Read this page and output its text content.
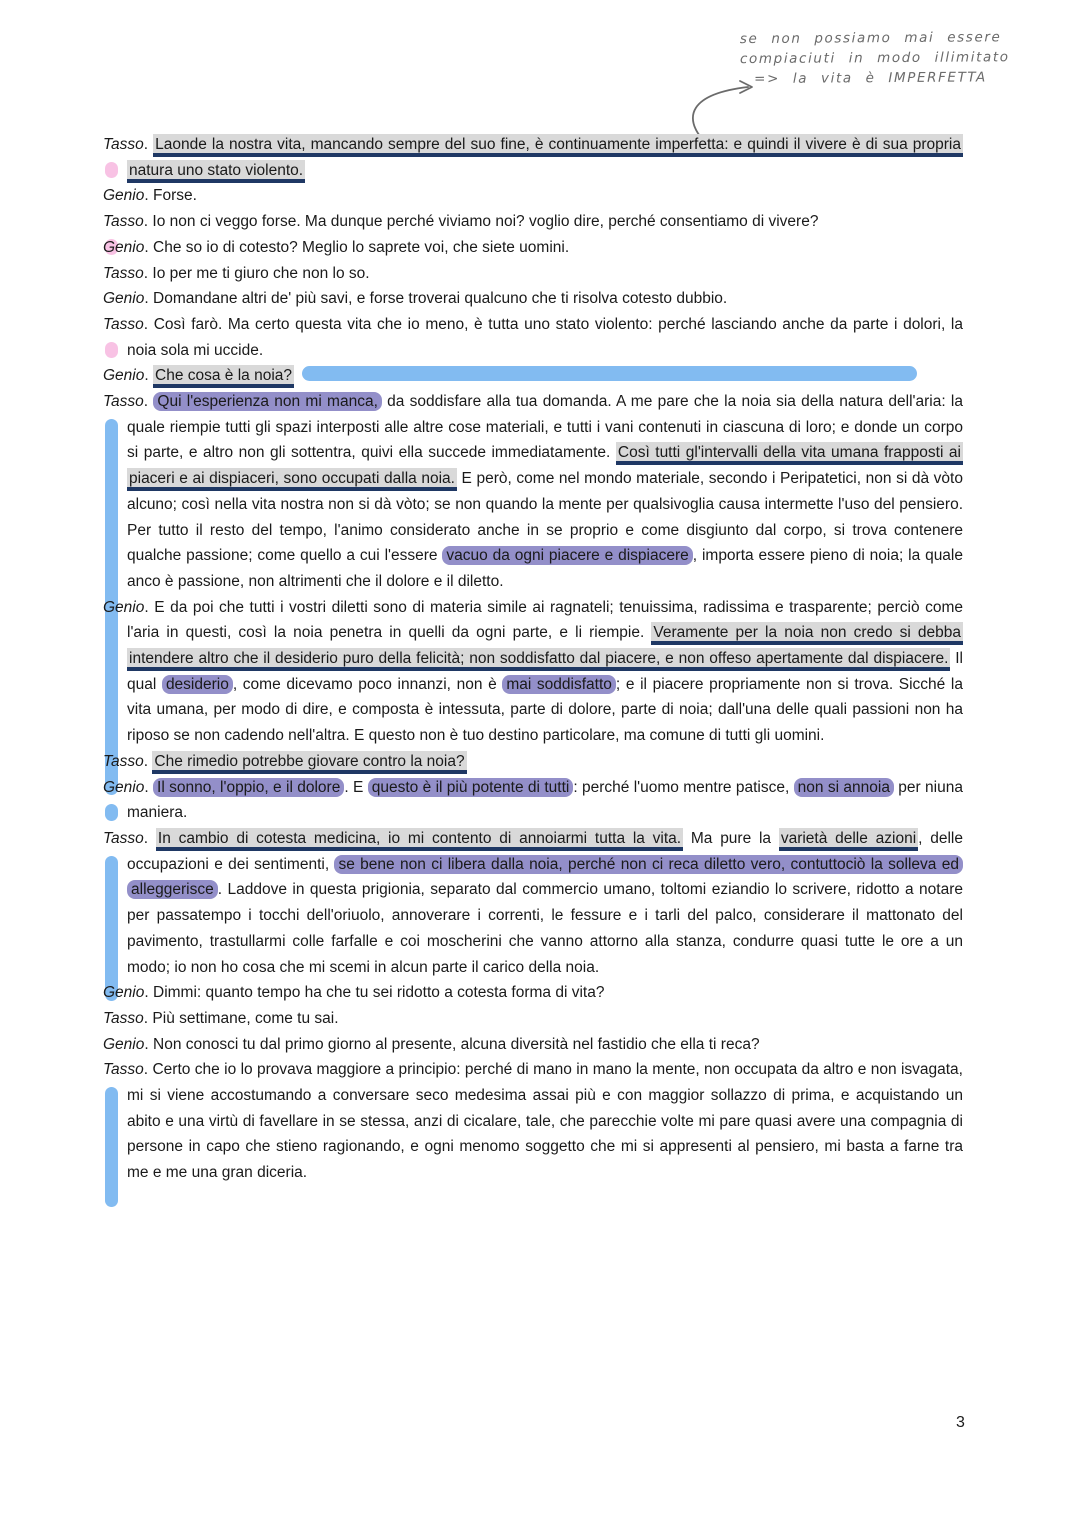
se non possiamo mai essere
compiaciuti in modo illimitato
=> la vita è IMPERFETTA

Tasso. Laonde la nostra vita, mancando sempre del suo fine, è continuamente imperfetta: e quindi il vivere è di sua propria natura uno stato violento.

Genio. Forse.

Tasso. Io non ci veggo forse. Ma dunque perché viviamo noi? voglio dire, perché consentiamo di vivere?

Genio. Che so io di cotesto? Meglio lo saprete voi, che siete uomini.

Tasso. Io per me ti giuro che non lo so.

Genio. Domandane altri de' più savi, e forse troverai qualcuno che ti risolva cotesto dubbio.

Tasso. Così farò. Ma certo questa vita che io meno, è tutta uno stato violento: perché lasciando anche da parte i dolori, la noia sola mi uccide.

Genio. Che cosa è la noia?

Tasso. Qui l'esperienza non mi manca, da soddisfare alla tua domanda. A me pare che la noia sia della natura dell'aria: la quale riempie tutti gli spazi interposti alle altre cose materiali, e tutti i vani contenuti in ciascuna di loro; e donde un corpo si parte, e altro non gli sottentra, quivi ella succede immediatamente. Così tutti gl'intervalli della vita umana frapposti ai piaceri e ai dispiaceri, sono occupati dalla noia. E però, come nel mondo materiale, secondo i Peripatetici, non si dà vòto alcuno; così nella vita nostra non si dà vòto; se non quando la mente per qualsivoglia causa intermette l'uso del pensiero. Per tutto il resto del tempo, l'animo considerato anche in se proprio e come disgiunto dal corpo, si trova contenere qualche passione; come quello a cui l'essere vacuo da ogni piacere e dispiacere , importa essere pieno di noia; la quale anco è passione, non altrimenti che il dolore e il diletto.

Genio. E da poi che tutti i vostri diletti sono di materia simile ai ragnateli; tenuissima, radissima e trasparente; perciò come l'aria in questi, così la noia penetra in quelli da ogni parte, e li riempie. Veramente per la noia non credo si debba intendere altro che il desiderio puro della felicità; non soddisfatto dal piacere, e non offeso apertamente dal dispiacere. Il qual desiderio , come dicevamo poco innanzi, non è mai soddisfatto ; e il piacere propriamente non si trova. Sicché la vita umana, per modo di dire, e composta è intessuta, parte di dolore, parte di noia; dall'una delle quali passioni non ha riposo se non cadendo nell'altra. E questo non è tuo destino particolare, ma comune di tutti gli uomini.

Tasso. Che rimedio potrebbe giovare contro la noia?

Genio. Il sonno, l'oppio, e il dolore . E questo è il più potente di tutti : perché l'uomo mentre patisce, non si annoia per niuna maniera.

Tasso. In cambio di cotesta medicina, io mi contento di annoiarmi tutta la vita. Ma pure la varietà delle azioni , delle occupazioni e dei sentimenti, se bene non ci libera dalla noia, perché non ci reca diletto vero, contuttociò la solleva ed alleggerisce . Laddove in questa prigionia, separato dal commercio umano, toltomi eziandio lo scrivere, ridotto a notare per passatempo i tocchi dell'oriuolo, annoverare i correnti, le fessure e i tarli del palco, considerare il mattonato del pavimento, trastullarmi colle farfalle e coi moscherini che vanno attorno alla stanza, condurre quasi tutte le ore a un modo; io non ho cosa che mi scemi in alcun parte il carico della noia.

Genio. Dimmi: quanto tempo ha che tu sei ridotto a cotesta forma di vita?

Tasso. Più settimane, come tu sai.

Genio. Non conosci tu dal primo giorno al presente, alcuna diversità nel fastidio che ella ti reca?

Tasso. Certo che io lo provava maggiore a principio: perché di mano in mano la mente, non occupata da altro e non isvagata, mi si viene accostumando a conversare seco medesima assai più e con maggior sollazzo di prima, e acquistando un abito e una virtù di favellare in se stessa, anzi di cicalare, tale, che parecchie volte mi pare quasi avere una compagnia di persone in capo che stieno ragionando, e ogni menomo soggetto che mi si appresenti al pensiero, mi basta a farne tra me e me una gran diceria.

3
